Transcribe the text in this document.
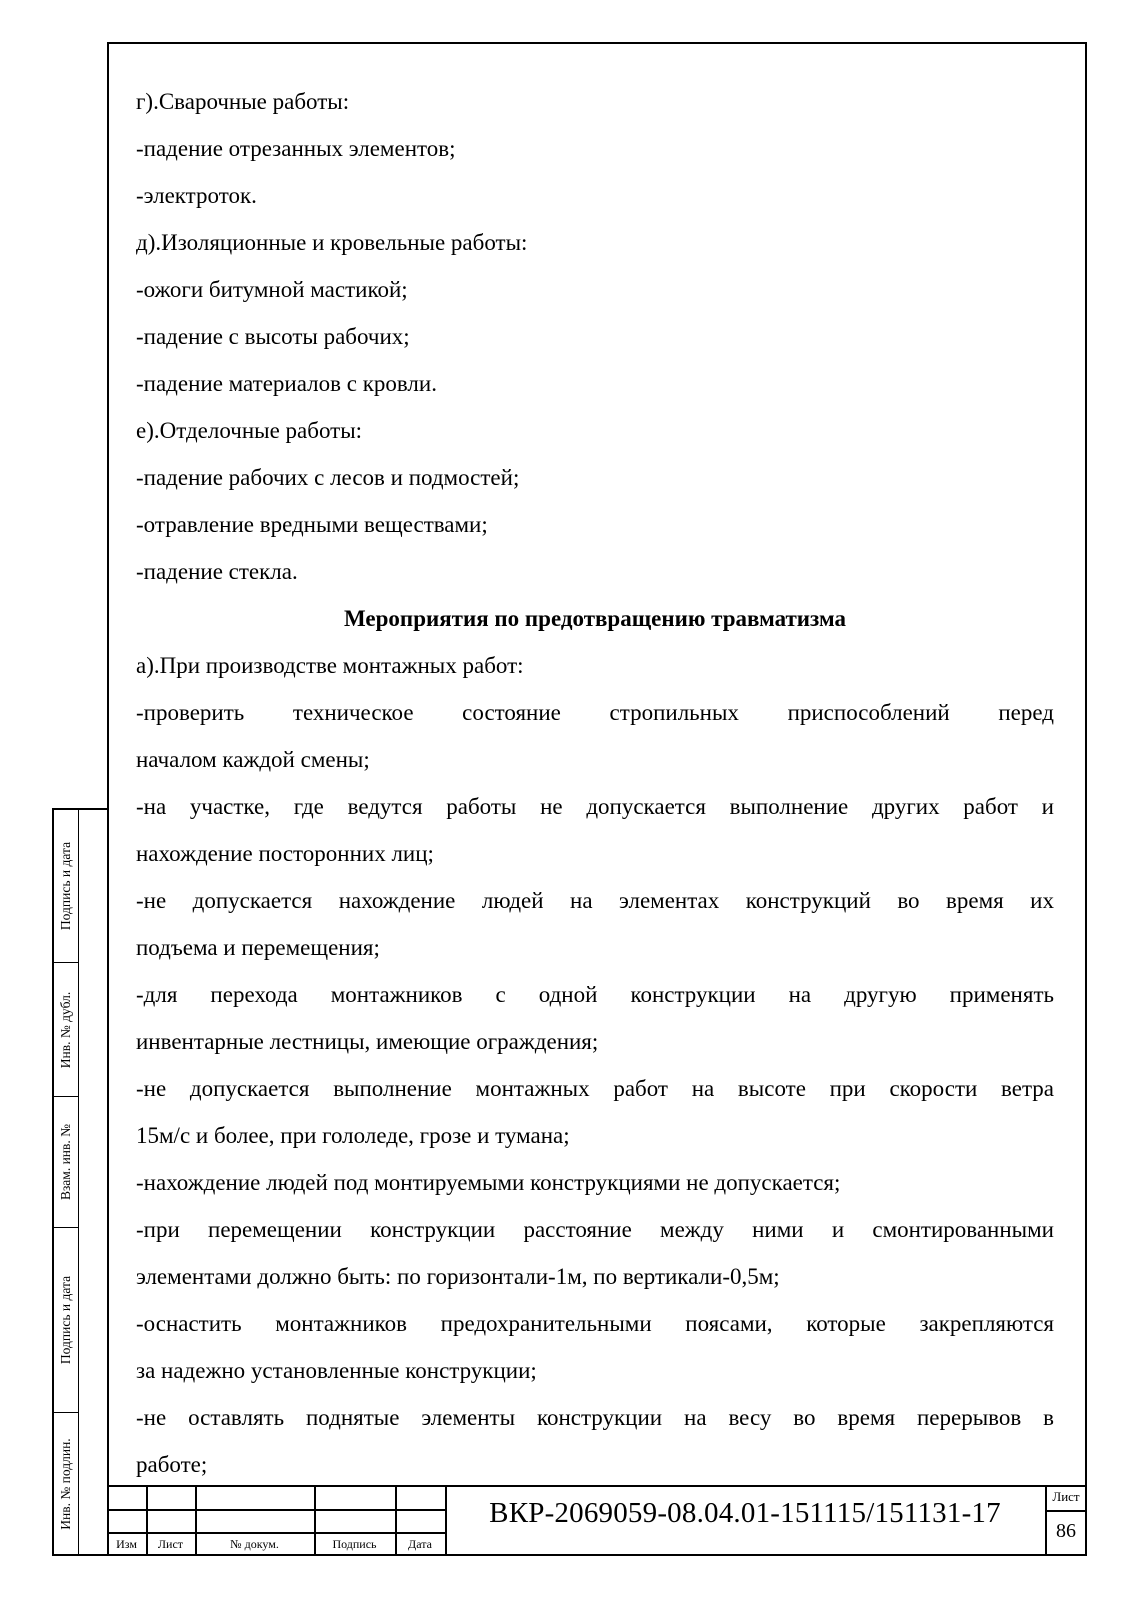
г).Сварочные работы:

-падение отрезанных элементов;

-электроток.

д).Изоляционные и кровельные работы:

-ожоги битумной мастикой;

-падение с высоты рабочих;

-падение материалов с кровли.

е).Отделочные работы:

-падение рабочих с лесов и подмостей;

-отравление вредными веществами;

-падение стекла.

Мероприятия по предотвращению травматизма

а).При производстве монтажных работ:

-проверить техническое состояние стропильных приспособлений перед

началом каждой смены;

-на участке, где ведутся работы не допускается выполнение других работ и

нахождение посторонних лиц;

-не допускается нахождение людей на элементах конструкций во время их

подъема и перемещения;

-для перехода монтажников с одной конструкции на другую применять

инвентарные лестницы, имеющие ограждения;

-не допускается выполнение монтажных работ на высоте при скорости ветра

15м/с и более, при гололеде, грозе и тумана;

-нахождение людей под монтируемыми конструкциями не допускается;

-при перемещении конструкции расстояние между ними и смонтированными

элементами должно быть: по горизонтали-1м, по вертикали-0,5м;

-оснастить монтажников предохранительными поясами, которые закрепляются

за надежно установленные конструкции;

-не оставлять поднятые элементы конструкции на весу во время перерывов в

работе;

Подпись и дата
Инв. № дубл.
Взам. инв. №
Подпись и дата
Инв. № подлин.
Изм	Лист	№ докум.	Подпись	Дата
ВКР-2069059-08.04.01-151115/151131-17
Лист
86
